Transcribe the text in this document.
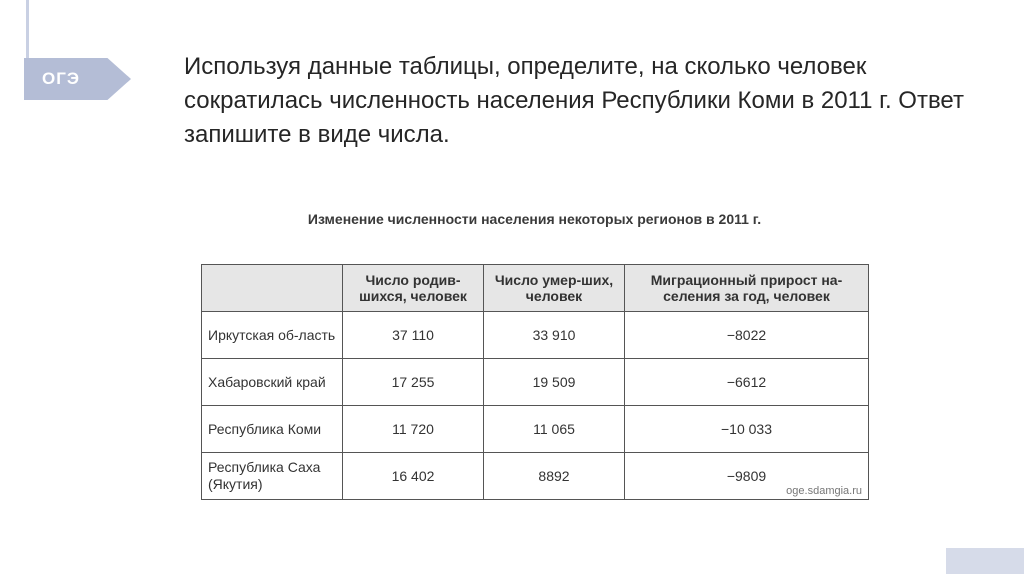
ОГЭ	Используя данные таблицы, определите, на сколько человек сократилась численность населения Республики Коми в 2011 г. Ответ запишите в виде числа.
Изменение численности населения некоторых регионов в 2011 г.
	Число родив-шихся, человек	Число умер-ших, человек	Миграционный прирост на-селения за год, человек
Иркутская об-ласть	37 110	33 910	−8022
Хабаровский край	17 255	19 509	−6612
Республика Коми	11 720	11 065	−10 033
Республика Саха (Якутия)	16 402	8892	−9809
oge.sdamgia.ru
